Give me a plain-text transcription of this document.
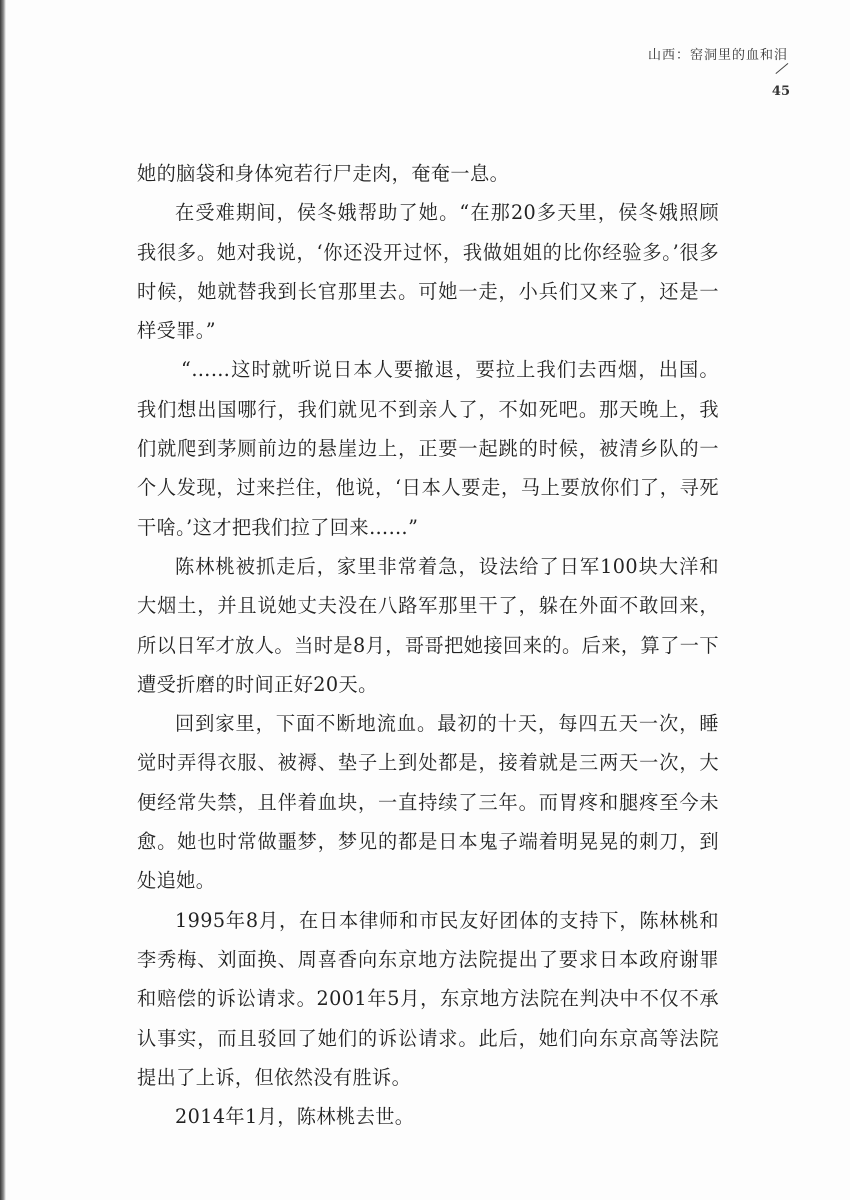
山西：窑洞里的血和泪
45

她的脑袋和身体宛若行尸走肉，奄奄一息。

在受难期间，侯冬娥帮助了她。“在那20多天里，侯冬娥照顾我很多。她对我说，‘你还没开过怀，我做姐姐的比你经验多。’很多时候，她就替我到长官那里去。可她一走，小兵们又来了，还是一样受罪。”

“……这时就听说日本人要撤退，要拉上我们去西烟，出国。我们想出国哪行，我们就见不到亲人了，不如死吧。那天晚上，我们就爬到茅厕前边的悬崖边上，正要一起跳的时候，被清乡队的一个人发现，过来拦住，他说，‘日本人要走，马上要放你们了，寻死干啥。’这才把我们拉了回来……”

陈林桃被抓走后，家里非常着急，设法给了日军100块大洋和大烟土，并且说她丈夫没在八路军那里干了，躲在外面不敢回来，所以日军才放人。当时是8月，哥哥把她接回来的。后来，算了一下遭受折磨的时间正好20天。

回到家里，下面不断地流血。最初的十天，每四五天一次，睡觉时弄得衣服、被褥、垫子上到处都是，接着就是三两天一次，大便经常失禁，且伴着血块，一直持续了三年。而胃疼和腿疼至今未愈。她也时常做噩梦，梦见的都是日本鬼子端着明晃晃的刺刀，到处追她。

1995年8月，在日本律师和市民友好团体的支持下，陈林桃和李秀梅、刘面换、周喜香向东京地方法院提出了要求日本政府谢罪和赔偿的诉讼请求。2001年5月，东京地方法院在判决中不仅不承认事实，而且驳回了她们的诉讼请求。此后，她们向东京高等法院提出了上诉，但依然没有胜诉。

2014年1月，陈林桃去世。
